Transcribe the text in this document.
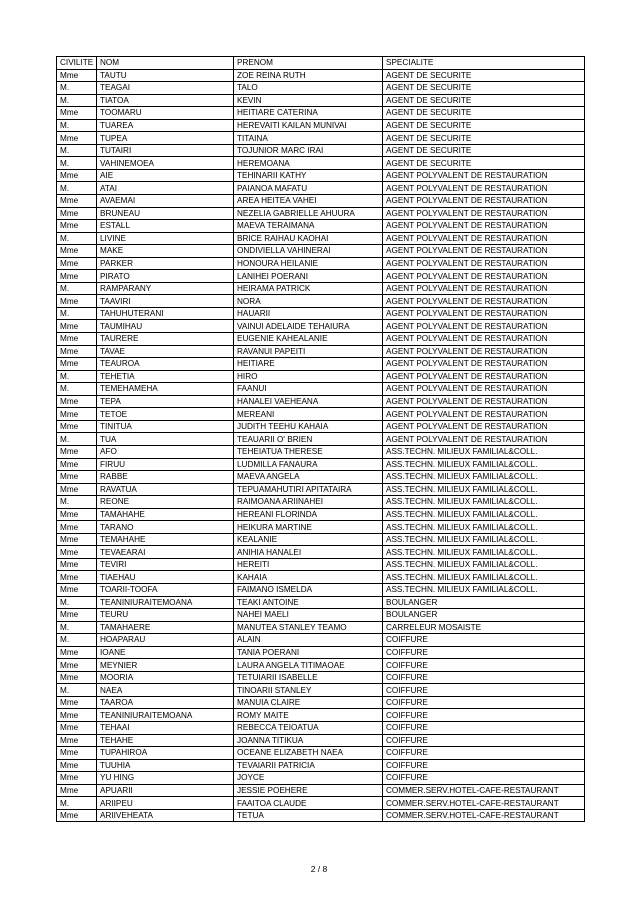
CIVILITE	NOM	PRENOM	SPECIALITE
Mme	TAUTU	ZOE REINA RUTH	AGENT DE SECURITE
M.	TEAGAI	TALO	AGENT DE SECURITE
M.	TIATOA	KEVIN	AGENT DE SECURITE
Mme	TOOMARU	HEITIARE CATERINA	AGENT DE SECURITE
M.	TUAREA	HEREVAITI KAILAN MUNIVAI	AGENT DE SECURITE
Mme	TUPEA	TITAINA	AGENT DE SECURITE
M.	TUTAIRI	TOJUNIOR MARC IRAI	AGENT DE SECURITE
M.	VAHINEMOEA	HEREMOANA	AGENT DE SECURITE
Mme	AIE	TEHINARII KATHY	AGENT POLYVALENT DE RESTAURATION
M.	ATAI	PAIANOA MAFATU	AGENT POLYVALENT DE RESTAURATION
Mme	AVAEMAI	AREA HEITEA VAHEI	AGENT POLYVALENT DE RESTAURATION
Mme	BRUNEAU	NEZELIA GABRIELLE AHUURA	AGENT POLYVALENT DE RESTAURATION
Mme	ESTALL	MAEVA TERAIMANA	AGENT POLYVALENT DE RESTAURATION
M.	LIVINE	BRICE RAIHAU KAOHAI	AGENT POLYVALENT DE RESTAURATION
Mme	MAKE	ONDIVIELLA VAHINERAI	AGENT POLYVALENT DE RESTAURATION
Mme	PARKER	HONOURA HEILANIE	AGENT POLYVALENT DE RESTAURATION
Mme	PIRATO	LANIHEI POERANI	AGENT POLYVALENT DE RESTAURATION
M.	RAMPARANY	HEIRAMA PATRICK	AGENT POLYVALENT DE RESTAURATION
Mme	TAAVIRI	NORA	AGENT POLYVALENT DE RESTAURATION
M.	TAHUHUTERANI	HAUARII	AGENT POLYVALENT DE RESTAURATION
Mme	TAUMIHAU	VAINUI ADELAIDE TEHAIURA	AGENT POLYVALENT DE RESTAURATION
Mme	TAURERE	EUGENIE KAHEALANIE	AGENT POLYVALENT DE RESTAURATION
Mme	TAVAE	RAVANUI PAPEITI	AGENT POLYVALENT DE RESTAURATION
Mme	TEAUROA	HEITIARE	AGENT POLYVALENT DE RESTAURATION
M.	TEHETIA	HIRO	AGENT POLYVALENT DE RESTAURATION
M.	TEMEHAMEHA	FAANUI	AGENT POLYVALENT DE RESTAURATION
Mme	TEPA	HANALEI VAEHEANA	AGENT POLYVALENT DE RESTAURATION
Mme	TETOE	MEREANI	AGENT POLYVALENT DE RESTAURATION
Mme	TINITUA	JUDITH TEEHU KAHAIA	AGENT POLYVALENT DE RESTAURATION
M.	TUA	TEAUARII O' BRIEN	AGENT POLYVALENT DE RESTAURATION
Mme	AFO	TEHEIATUA THERESE	ASS.TECHN. MILIEUX FAMILIAL&COLL.
Mme	FIRUU	LUDMILLA FANAURA	ASS.TECHN. MILIEUX FAMILIAL&COLL.
Mme	RABBE	MAEVA ANGELA	ASS.TECHN. MILIEUX FAMILIAL&COLL.
Mme	RAVATUA	TEPUAMAHUTIRI APITATAIRA	ASS.TECHN. MILIEUX FAMILIAL&COLL.
M.	REONE	RAIMOANA ARIINAHEI	ASS.TECHN. MILIEUX FAMILIAL&COLL.
Mme	TAMAHAHE	HEREANI FLORINDA	ASS.TECHN. MILIEUX FAMILIAL&COLL.
Mme	TARANO	HEIKURA MARTINE	ASS.TECHN. MILIEUX FAMILIAL&COLL.
Mme	TEMAHAHE	KEALANIE	ASS.TECHN. MILIEUX FAMILIAL&COLL.
Mme	TEVAEARAI	ANIHIA HANALEI	ASS.TECHN. MILIEUX FAMILIAL&COLL.
Mme	TEVIRI	HEREITI	ASS.TECHN. MILIEUX FAMILIAL&COLL.
Mme	TIAEHAU	KAHAIA	ASS.TECHN. MILIEUX FAMILIAL&COLL.
Mme	TOARII-TOOFA	FAIMANO ISMELDA	ASS.TECHN. MILIEUX FAMILIAL&COLL.
M.	TEANINIURAITEMOANA	TEAKI ANTOINE	BOULANGER
Mme	TEURU	NAHEI MAELI	BOULANGER
M.	TAMAHAERE	MANUTEA STANLEY TEAMO	CARRELEUR MOSAISTE
M.	HOAPARAU	ALAIN	COIFFURE
Mme	IOANE	TANIA POERANI	COIFFURE
Mme	MEYNIER	LAURA ANGELA TITIMAOAE	COIFFURE
Mme	MOORIA	TETUIARII ISABELLE	COIFFURE
M.	NAEA	TINOARII STANLEY	COIFFURE
Mme	TAAROA	MANUIA CLAIRE	COIFFURE
Mme	TEANINIURAITEMOANA	ROMY MAITE	COIFFURE
Mme	TEHAAI	REBECCA TEIOATUA	COIFFURE
Mme	TEHAHE	JOANNA TITIKUA	COIFFURE
Mme	TUPAHIROA	OCEANE ELIZABETH NAEA	COIFFURE
Mme	TUUHIA	TEVAIARII PATRICIA	COIFFURE
Mme	YU HING	JOYCE	COIFFURE
Mme	APUARII	JESSIE POEHERE	COMMER.SERV.HOTEL-CAFE-RESTAURANT
M.	ARIIPEU	FAAITOA CLAUDE	COMMER.SERV.HOTEL-CAFE-RESTAURANT
Mme	ARIIVEHEATA	TETUA	COMMER.SERV.HOTEL-CAFE-RESTAURANT
2 / 8
